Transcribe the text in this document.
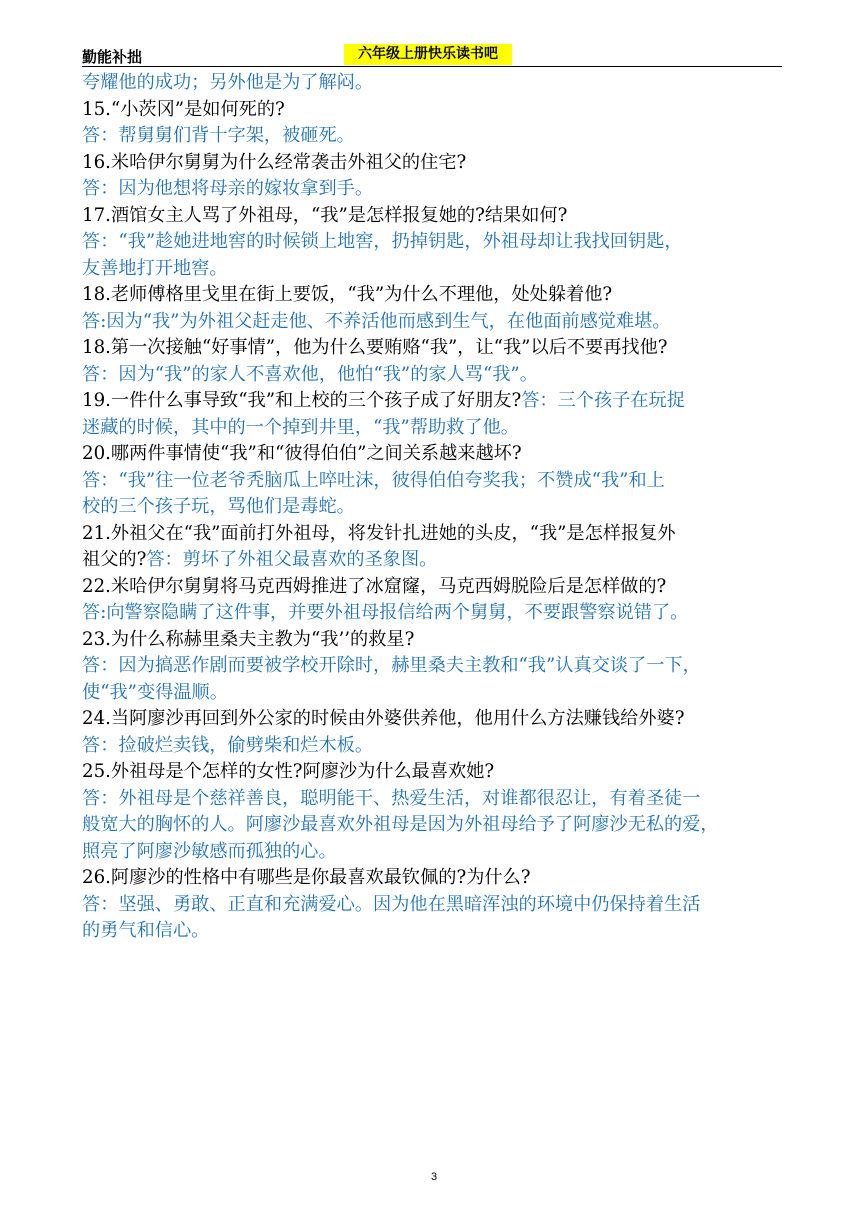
勤能补拙	六年级上册快乐读书吧
夸耀他的成功；另外他是为了解闷。
15.“小茨冈”是如何死的?
答：帮舅舅们背十字架，被砸死。
16.米哈伊尔舅舅为什么经常袭击外祖父的住宅?
答：因为他想将母亲的嫁妆拿到手。
17.酒馆女主人骂了外祖母，“我”是怎样报复她的?结果如何?
答：“我”趁她进地窖的时候锁上地窖，扔掉钥匙，外祖母却让我找回钥匙，
友善地打开地窖。
18.老师傅格里戈里在街上要饭，“我”为什么不理他，处处躲着他?
答:因为“我”为外祖父赶走他、不养活他而感到生气，在他面前感觉难堪。
18.第一次接触“好事情”，他为什么要贿赂“我”，让“我”以后不要再找他?
答：因为“我”的家人不喜欢他，他怕“我”的家人骂“我”。
19.一件什么事导致“我”和上校的三个孩子成了好朋友?答：三个孩子在玩捉
迷藏的时候，其中的一个掉到井里，“我”帮助救了他。
20.哪两件事情使“我”和“彼得伯伯”之间关系越来越坏?
答：“我”往一位老爷秃脑瓜上啐吐沫，彼得伯伯夸奖我；不赞成“我”和上
校的三个孩子玩，骂他们是毒蛇。
21.外祖父在“我”面前打外祖母，将发针扎进她的头皮，“我”是怎样报复外
祖父的?答：剪坏了外祖父最喜欢的圣象图。
22.米哈伊尔舅舅将马克西姆推进了冰窟窿，马克西姆脱险后是怎样做的?
答:向警察隐瞒了这件事，并要外祖母报信给两个舅舅，不要跟警察说错了。
23.为什么称赫里桑夫主教为“我’’的救星?
答：因为搞恶作剧而要被学校开除时，赫里桑夫主教和“我”认真交谈了一下，
使“我”变得温顺。
24.当阿廖沙再回到外公家的时候由外婆供养他，他用什么方法赚钱给外婆?
答：捡破烂卖钱，偷劈柴和烂木板。
25.外祖母是个怎样的女性?阿廖沙为什么最喜欢她?
答：外祖母是个慈祥善良，聪明能干、热爱生活，对谁都很忍让，有着圣徒一
般宽大的胸怀的人。阿廖沙最喜欢外祖母是因为外祖母给予了阿廖沙无私的爱，
照亮了阿廖沙敏感而孤独的心。
26.阿廖沙的性格中有哪些是你最喜欢最钦佩的?为什么?
答：坚强、勇敢、正直和充满爱心。因为他在黑暗浑浊的环境中仍保持着生活
的勇气和信心。
3
